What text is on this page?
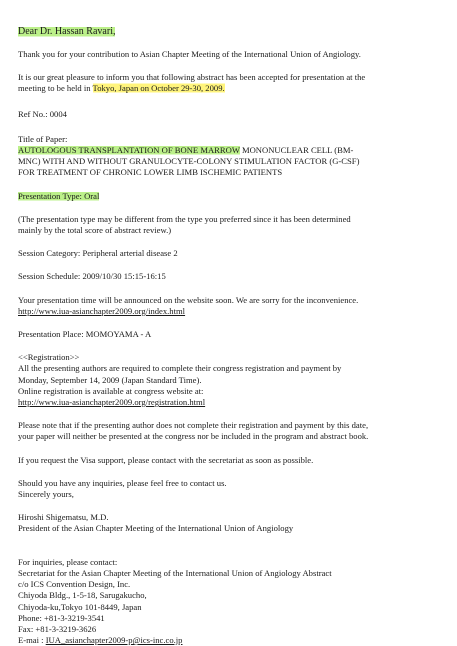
Dear Dr. Hassan Ravari,

Thank you for your contribution to Asian Chapter Meeting of the International Union of Angiology.

It is our great pleasure to inform you that following abstract has been accepted for presentation at the

meeting to be held in Tokyo, Japan on October 29-30, 2009.

Ref No.: 0004

Title of Paper:

AUTOLOGOUS TRANSPLANTATION OF BONE MARROW MONONUCLEAR CELL (BM-

MNC) WITH AND WITHOUT GRANULOCYTE-COLONY STIMULATION FACTOR (G-CSF)

FOR TREATMENT OF CHRONIC LOWER LIMB ISCHEMIC PATIENTS

Presentation Type: Oral

(The presentation type may be different from the type you preferred since it has been determined

mainly by the total score of abstract review.)

Session Category: Peripheral arterial disease 2

Session Schedule: 2009/10/30 15:15-16:15

Your presentation time will be announced on the website soon. We are sorry for the inconvenience.

http://www.iua-asianchapter2009.org/index.html

Presentation Place: MOMOYAMA - A

<<Registration>>

All the presenting authors are required to complete their congress registration and payment by

Monday, September 14, 2009 (Japan Standard Time).

Online registration is available at congress website at:

http://www.iua-asianchapter2009.org/registration.html

Please note that if the presenting author does not complete their registration and payment by this date,

your paper will neither be presented at the congress nor be included in the program and abstract book.

If you request the Visa support, please contact with the secretariat as soon as possible.

Should you have any inquiries, please feel free to contact us.

Sincerely yours,

Hiroshi Shigematsu, M.D.

President of the Asian Chapter Meeting of the International Union of Angiology

For inquiries, please contact:

Secretariat for the Asian Chapter Meeting of the International Union of Angiology Abstract

c/o ICS Convention Design, Inc.

Chiyoda Bldg., 1-5-18, Sarugakucho,

Chiyoda-ku,Tokyo 101-8449, Japan

Phone: +81-3-3219-3541

Fax: +81-3-3219-3626

E-mai : IUA_asianchapter2009-p@ics-inc.co.jp
